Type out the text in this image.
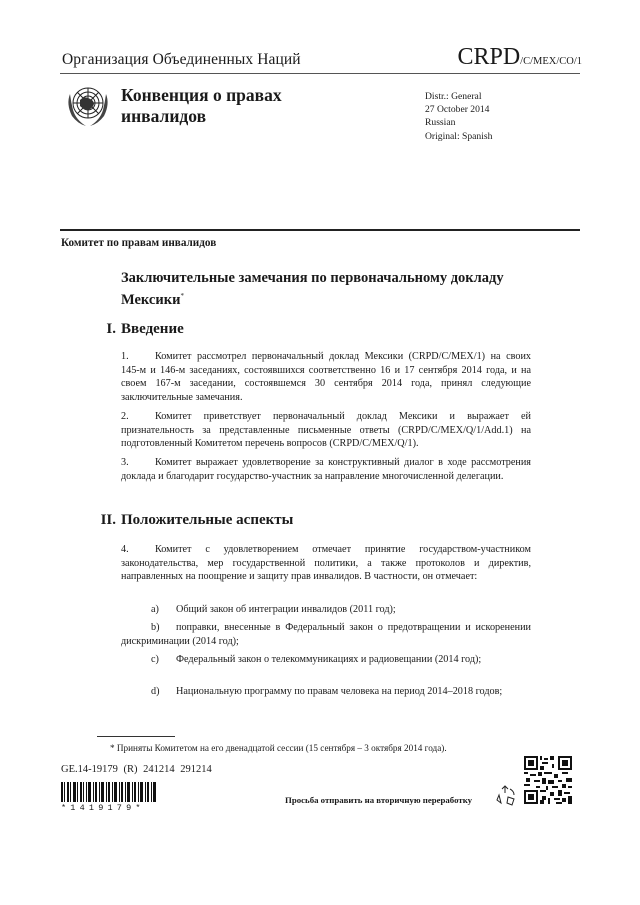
Организация Объединенных Наций	CRPD/C/MEX/CO/1
Конвенция о правах инвалидов
Distr.: General
27 October 2014
Russian
Original: Spanish
Комитет по правам инвалидов
Заключительные замечания по первоначальному докладу Мексики*
I. Введение
1.	Комитет рассмотрел первоначальный доклад Мексики (CRPD/C/MEX/1) на своих 145-м и 146-м заседаниях, состоявшихся соответственно 16 и 17 сентября 2014 года, и на своем 167-м заседании, состоявшемся 30 сентября 2014 года, принял следующие заключительные замечания.
2.	Комитет приветствует первоначальный доклад Мексики и выражает ей признательность за представленные письменные ответы (CRPD/C/MEX/Q/1/Add.1) на подготовленный Комитетом перечень вопросов (CRPD/C/MEX/Q/1).
3.	Комитет выражает удовлетворение за конструктивный диалог в ходе рассмотрения доклада и благодарит государство-участник за направление многочисленной делегации.
II. Положительные аспекты
4.	Комитет с удовлетворением отмечает принятие государством-участником законодательства, мер государственной политики, а также протоколов и директив, направленных на поощрение и защиту прав инвалидов. В частности, он отмечает:
a) Общий закон об интеграции инвалидов (2011 год);
b) поправки, внесенные в Федеральный закон о предотвращении и искоренении дискриминации (2014 год);
c) Федеральный закон о телекоммуникациях и радиовещании (2014 год);
d) Национальную программу по правам человека на период 2014–2018 годов;
* Приняты Комитетом на его двенадцатой сессии (15 сентября – 3 октября 2014 года).
GE.14-19179 (R) 241214 291214
*1419179*
Просьба отправить на вторичную переработку
